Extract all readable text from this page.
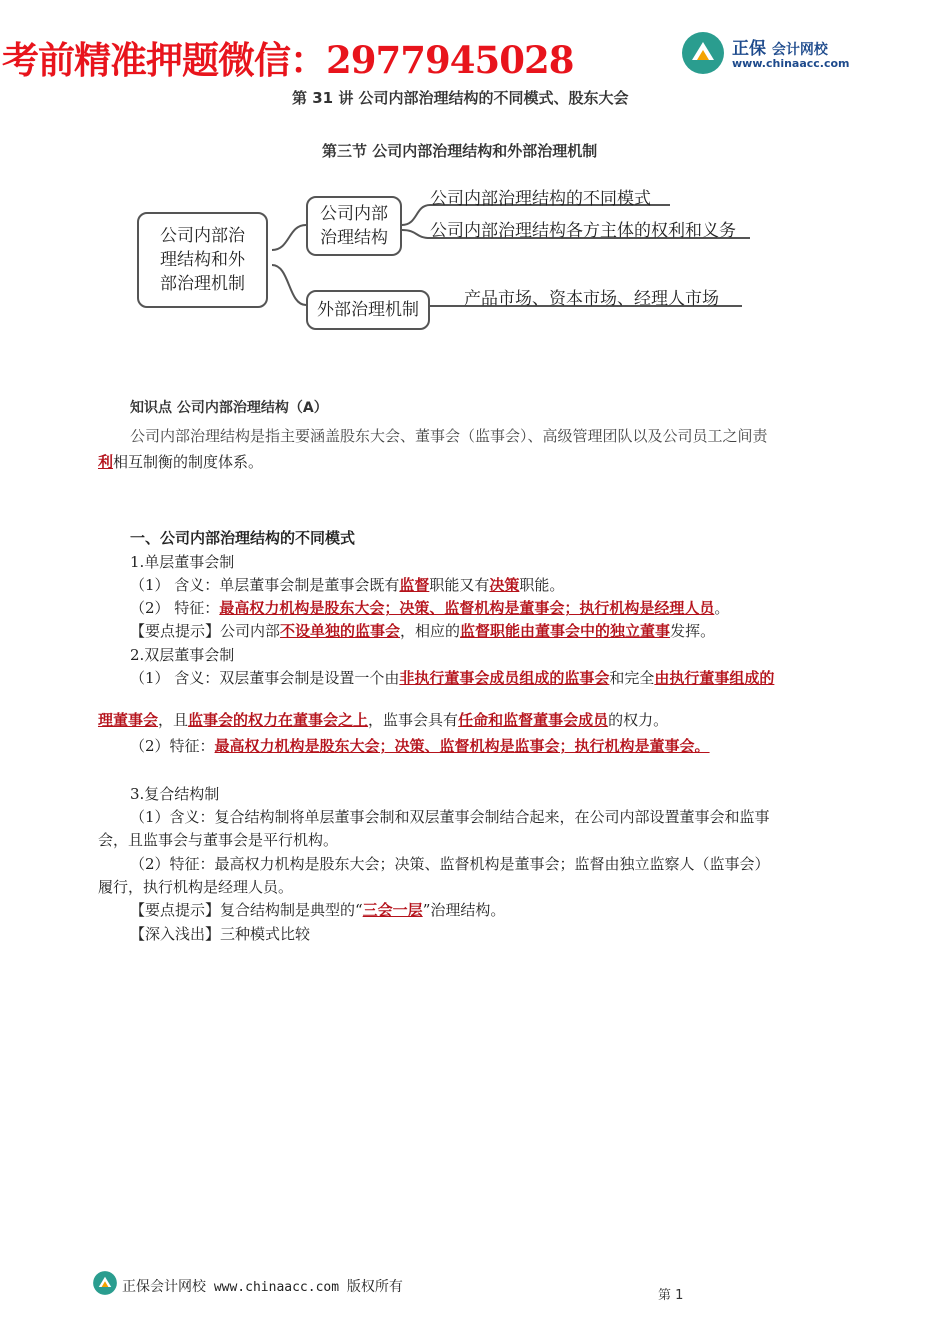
考前精准押题微信：2977945028	正保 会计网校
www.chinaacc.com
第 31 讲 公司内部治理结构的不同模式、股东大会
第三节 公司内部治理结构和外部治理机制
公司内部治理结构和外部治理机制
公司内部治理结构
外部治理机制
公司内部治理结构的不同模式
公司内部治理结构各方主体的权利和义务
产品市场、资本市场、经理人市场
知识点 公司内部治理结构（A）
公司内部治理结构是指主要涵盖股东大会、董事会（监事会）、高级管理团队以及公司员工之间责
利相互制衡的制度体系。
一、公司内部治理结构的不同模式
1.单层董事会制
（1） 含义：单层董事会制是董事会既有监督职能又有决策职能。
（2） 特征：最高权力机构是股东大会；决策、监督机构是董事会；执行机构是经理人员。
【要点提示】公司内部不设单独的监事会，相应的监督职能由董事会中的独立董事发挥。
2.双层董事会制
（1） 含义：双层董事会制是设置一个由非执行董事会成员组成的监事会和完全由执行董事组成的
理董事会，且监事会的权力在董事会之上，监事会具有任命和监督董事会成员的权力。
（2）特征：最高权力机构是股东大会；决策、监督机构是监事会；执行机构是董事会。
3.复合结构制
（1）含义：复合结构制将单层董事会制和双层董事会制结合起来，在公司内部设置董事会和监事
会，且监事会与董事会是平行机构。
（2）特征：最高权力机构是股东大会；决策、监督机构是董事会；监督由独立监察人（监事会）
履行，执行机构是经理人员。
【要点提示】复合结构制是典型的“三会一层”治理结构。
【深入浅出】三种模式比较
正保会计网校 www.chinaacc.com 版权所有
第 1
